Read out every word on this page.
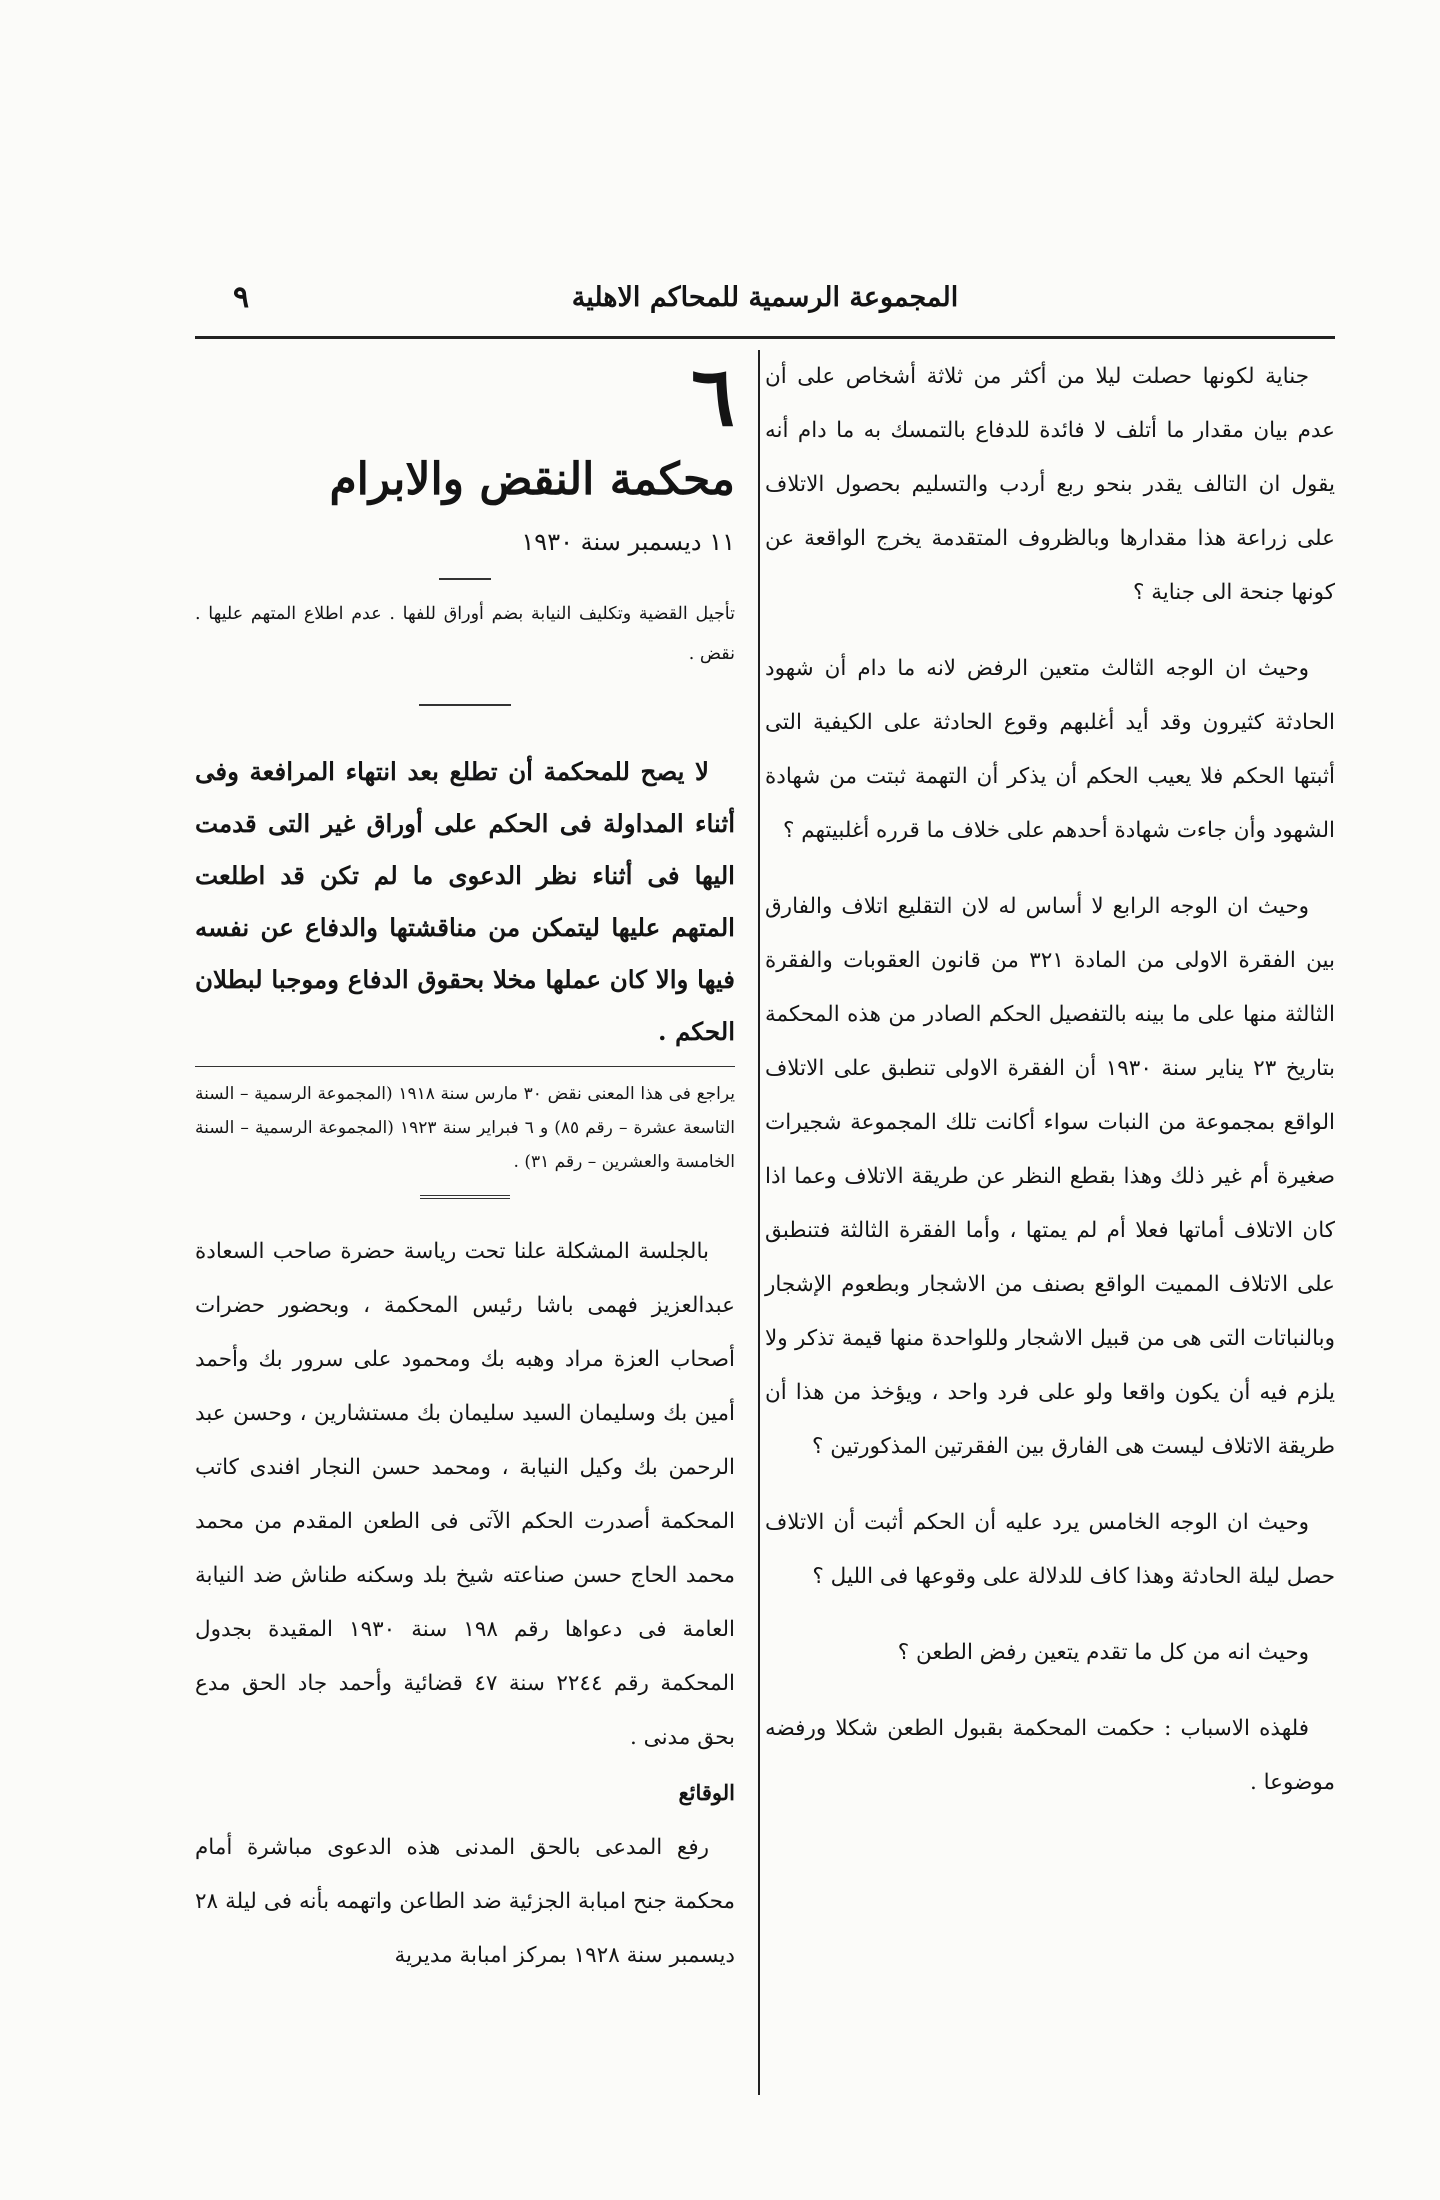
المجموعة الرسمية للمحاكم الاهلية
٩

جناية لكونها حصلت ليلا من أكثر من ثلاثة أشخاص على أن عدم بيان مقدار ما أتلف لا فائدة للدفاع بالتمسك به ما دام أنه يقول ان التالف يقدر بنحو ربع أردب والتسليم بحصول الاتلاف على زراعة هذا مقدارها وبالظروف المتقدمة يخرج الواقعة عن كونها جنحة الى جناية ؟

وحيث ان الوجه الثالث متعين الرفض لانه ما دام أن شهود الحادثة كثيرون وقد أيد أغلبهم وقوع الحادثة على الكيفية التى أثبتها الحكم فلا يعيب الحكم أن يذكر أن التهمة ثبتت من شهادة الشهود وأن جاءت شهادة أحدهم على خلاف ما قرره أغلبيتهم ؟

وحيث ان الوجه الرابع لا أساس له لان التقليع اتلاف والفارق بين الفقرة الاولى من المادة ٣٢١ من قانون العقوبات والفقرة الثالثة منها على ما بينه بالتفصيل الحكم الصادر من هذه المحكمة بتاريخ ٢٣ يناير سنة ١٩٣٠ أن الفقرة الاولى تنطبق على الاتلاف الواقع بمجموعة من النبات سواء أكانت تلك المجموعة شجيرات صغيرة أم غير ذلك وهذا بقطع النظر عن طريقة الاتلاف وعما اذا كان الاتلاف أماتها فعلا أم لم يمتها ، وأما الفقرة الثالثة فتنطبق على الاتلاف المميت الواقع بصنف من الاشجار وبطعوم الإشجار وبالنباتات التى هى من قبيل الاشجار وللواحدة منها قيمة تذكر ولا يلزم فيه أن يكون واقعا ولو على فرد واحد ، ويؤخذ من هذا أن طريقة الاتلاف ليست هى الفارق بين الفقرتين المذكورتين ؟

وحيث ان الوجه الخامس يرد عليه أن الحكم أثبت أن الاتلاف حصل ليلة الحادثة وهذا كاف للدلالة على وقوعها فى الليل ؟

وحيث انه من كل ما تقدم يتعين رفض الطعن ؟

فلهذه الاسباب : حكمت المحكمة بقبول الطعن شكلا ورفضه موضوعا .

٦
محكمة النقض والابرام
١١ ديسمبر سنة ١٩٣٠

تأجيل القضية وتكليف النيابة بضم أوراق للفها . عدم اطلاع المتهم عليها . نقض .

لا يصح للمحكمة أن تطلع بعد انتهاء المرافعة وفى أثناء المداولة فى الحكم على أوراق غير التى قدمت اليها فى أثناء نظر الدعوى ما لم تكن قد اطلعت المتهم عليها ليتمكن من مناقشتها والدفاع عن نفسه فيها والا كان عملها مخلا بحقوق الدفاع وموجبا لبطلان الحكم .

يراجع فى هذا المعنى نقض ٣٠ مارس سنة ١٩١٨ (المجموعة الرسمية – السنة التاسعة عشرة – رقم ٨٥) و ٦ فبراير سنة ١٩٢٣ (المجموعة الرسمية – السنة الخامسة والعشرين – رقم ٣١) .

بالجلسة المشكلة علنا تحت رياسة حضرة صاحب السعادة عبدالعزيز فهمى باشا رئيس المحكمة ، وبحضور حضرات أصحاب العزة مراد وهبه بك ومحمود على سرور بك وأحمد أمين بك وسليمان السيد سليمان بك مستشارين ، وحسن عبد الرحمن بك وكيل النيابة ، ومحمد حسن النجار افندى كاتب المحكمة أصدرت الحكم الآتى فى الطعن المقدم من محمد محمد الحاج حسن صناعته شيخ بلد وسكنه طناش ضد النيابة العامة فى دعواها رقم ١٩٨ سنة ١٩٣٠ المقيدة بجدول المحكمة رقم ٢٢٤٤ سنة ٤٧ قضائية وأحمد جاد الحق مدع بحق مدنى .

الوقائع

رفع المدعى بالحق المدنى هذه الدعوى مباشرة أمام محكمة جنح امبابة الجزئية ضد الطاعن واتهمه بأنه فى ليلة ٢٨ ديسمبر سنة ١٩٢٨ بمركز امبابة مديرية
